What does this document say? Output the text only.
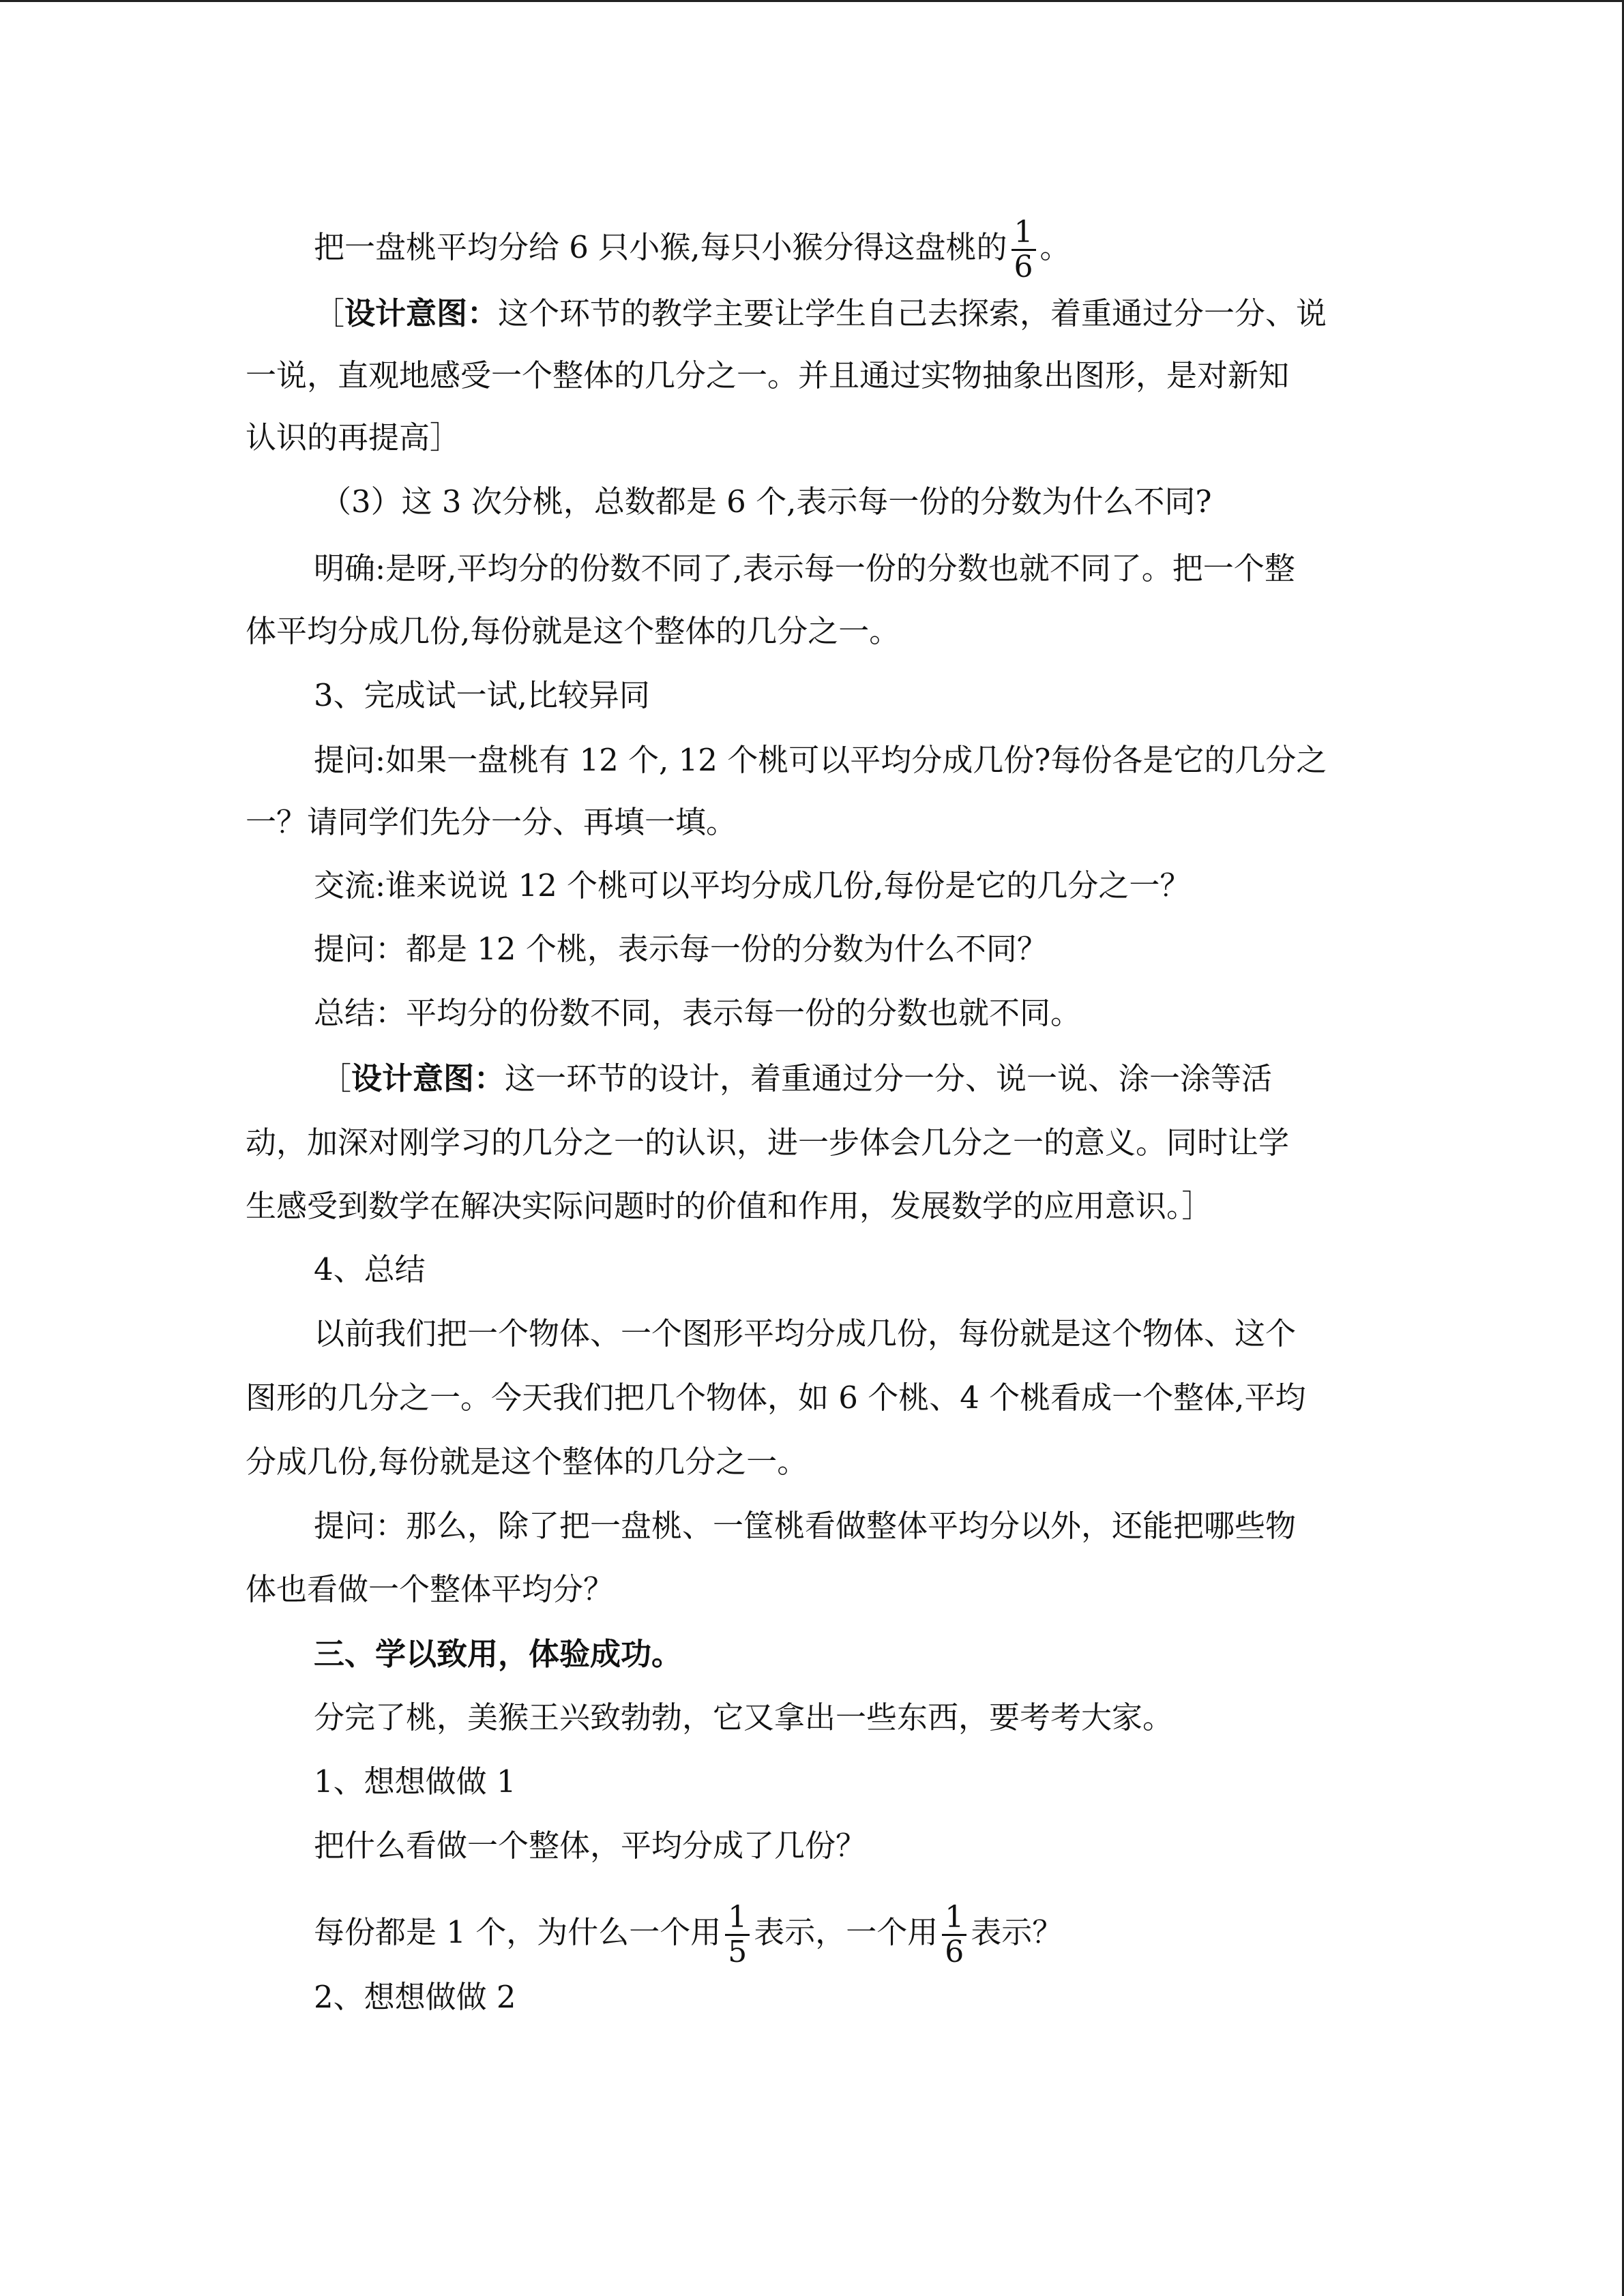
把一盘桃平均分给 6 只小猴,每只小猴分得这盘桃的 $\frac{1}{6}$ 。
［设计意图：这个环节的教学主要让学生自己去探索，着重通过分一分、说
一说，直观地感受一个整体的几分之一。并且通过实物抽象出图形，是对新知
认识的再提高］
（3）这 3 次分桃，总数都是 6 个,表示每一份的分数为什么不同?
明确:是呀,平均分的份数不同了,表示每一份的分数也就不同了。把一个整
体平均分成几份,每份就是这个整体的几分之一。
3、完成试一试,比较异同
提问:如果一盘桃有 12 个, 12 个桃可以平均分成几份?每份各是它的几分之
一？请同学们先分一分、再填一填。
交流:谁来说说 12 个桃可以平均分成几份,每份是它的几分之一？
提问：都是 12 个桃，表示每一份的分数为什么不同？
总结：平均分的份数不同，表示每一份的分数也就不同。
［设计意图：这一环节的设计，着重通过分一分、说一说、涂一涂等活
动，加深对刚学习的几分之一的认识，进一步体会几分之一的意义。同时让学
生感受到数学在解决实际问题时的价值和作用，发展数学的应用意识。］
4、总结
以前我们把一个物体、一个图形平均分成几份，每份就是这个物体、这个
图形的几分之一。今天我们把几个物体，如 6 个桃、4 个桃看成一个整体,平均
分成几份,每份就是这个整体的几分之一。
提问：那么，除了把一盘桃、一筐桃看做整体平均分以外，还能把哪些物
体也看做一个整体平均分？
三、学以致用，体验成功。
分完了桃，美猴王兴致勃勃，它又拿出一些东西，要考考大家。
1、想想做做 1
把什么看做一个整体，平均分成了几份？
每份都是 1 个，为什么一个用 $\frac{1}{5}$ 表示，一个用 $\frac{1}{6}$ 表示？
2、想想做做 2
